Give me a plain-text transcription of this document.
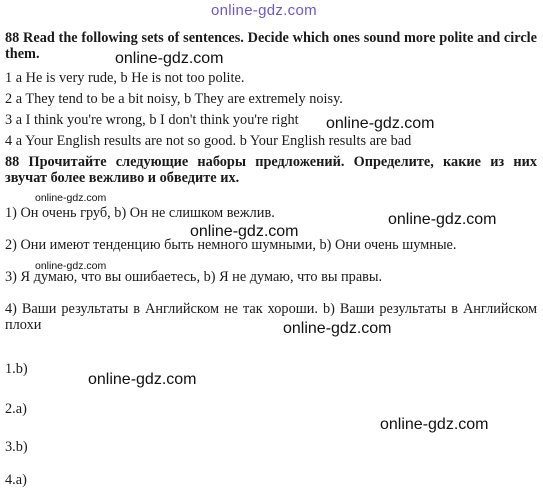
online-gdz.com
online-gdz.com
online-gdz.com
online-gdz.com
online-gdz.com
online-gdz.com
online-gdz.com
online-gdz.com
online-gdz.com
online-gdz.com
88 Read the following sets of sentences. Decide which ones sound more polite and circle them.
1 a He is very rude, b He is not too polite.
2 a They tend to be a bit noisy, b They are extremely noisy.
3 a I think you're wrong, b I don't think you're right
4 a Your English results are not so good. b Your English results are bad
88 Прочитайте следующие наборы предложений. Определите, какие из них звучат более вежливо и обведите их.
1) Он очень груб, b) Он не слишком вежлив.
2) Они имеют тенденцию быть немного шумными, b) Они очень шумные.
3) Я думаю, что вы ошибаетесь, b) Я не думаю, что вы правы.
4) Ваши результаты в Английском не так хороши. b) Ваши результаты в Английском плохи
1.b)
2.a)
3.b)
4.a)
